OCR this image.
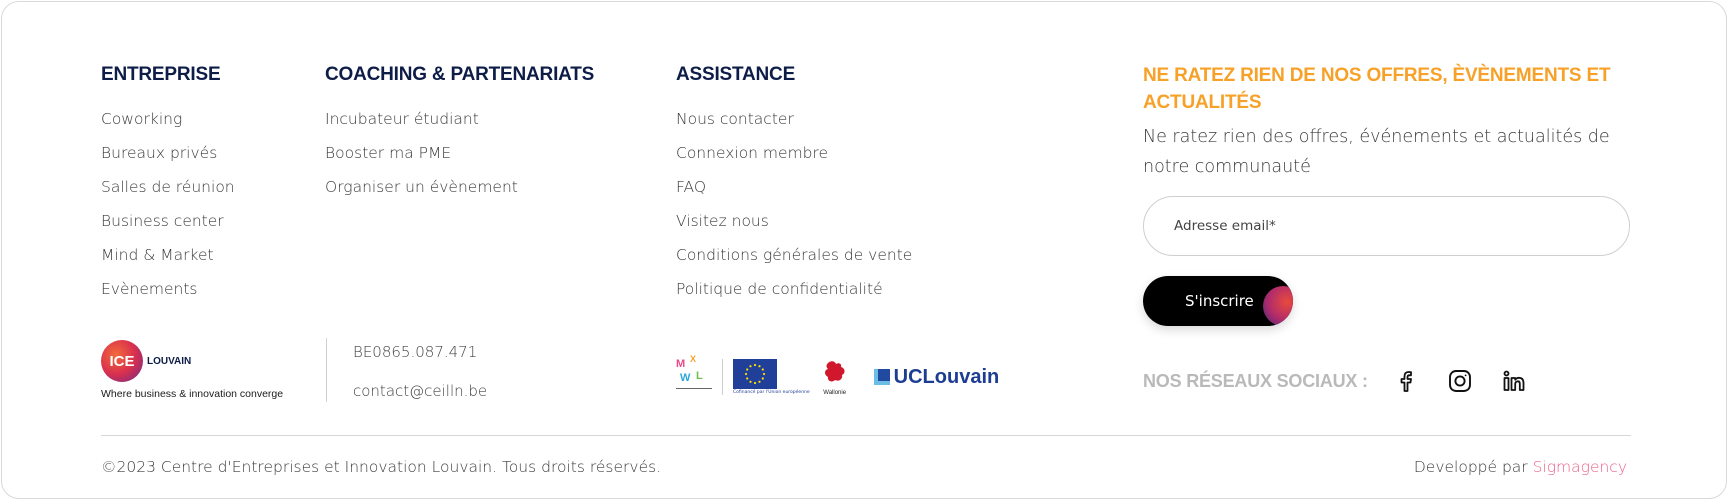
ENTREPRISE
Coworking
Bureaux privés
Salles de réunion
Business center
Mind & Market
Evènements
COACHING & PARTENARIATS
Incubateur étudiant
Booster ma PME
Organiser un évènement
ASSISTANCE
Nous contacter
Connexion membre
FAQ
Visitez nous
Conditions générales de vente
Politique de confidentialité
NE RATEZ RIEN DE NOS OFFRES, ÈVÈNEMENTS ET ACTUALITÉS
Ne ratez rien des offres, événements et actualités de notre communauté
Adresse email*
S'inscrire
ICE	LOUVAIN
Where business & innovation converge
BE0865.087.471
contact@ceilln.be
M X
W L
Cofinancé par l'Union européenne Wallonie
UCLouvain	NOS RÉSEAUX SOCIAUX :
©2023 Centre d'Entreprises et Innovation Louvain. Tous droits réservés.	Developpé par Sigmagency
